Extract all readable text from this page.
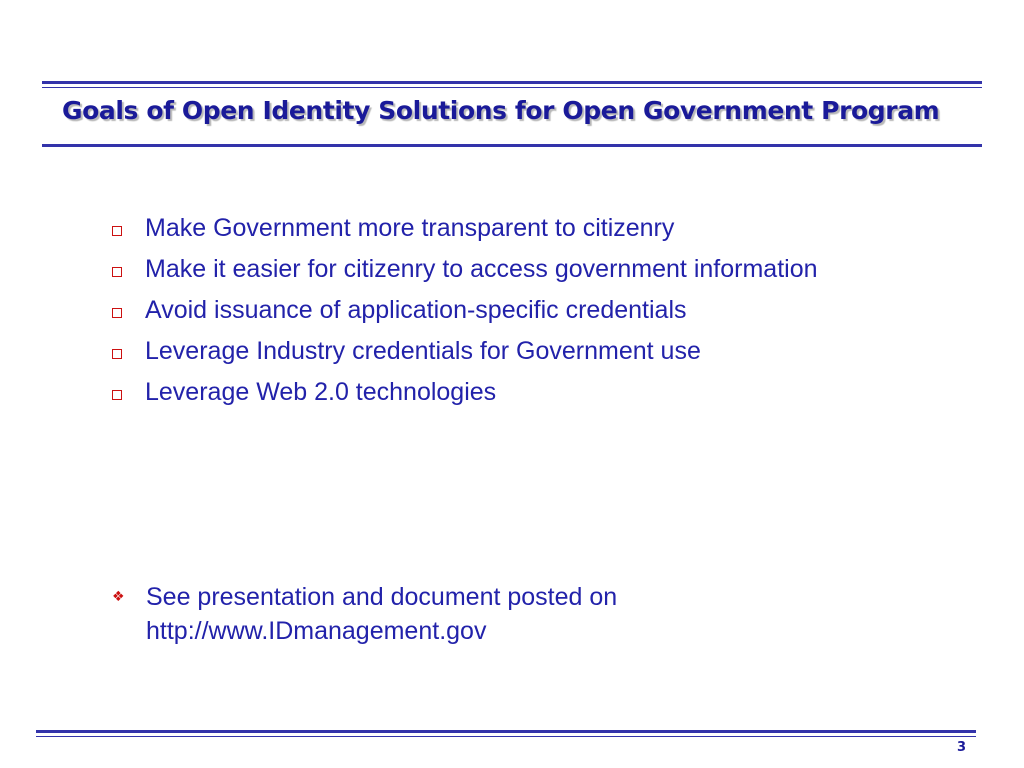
Goals of Open Identity Solutions for Open Government Program
Make Government more transparent to citizenry
Make it easier for citizenry to access government information
Avoid issuance of application-specific credentials
Leverage Industry credentials for Government use
Leverage Web 2.0 technologies
❖ See presentation and document posted on
http://www.IDmanagement.gov
3
